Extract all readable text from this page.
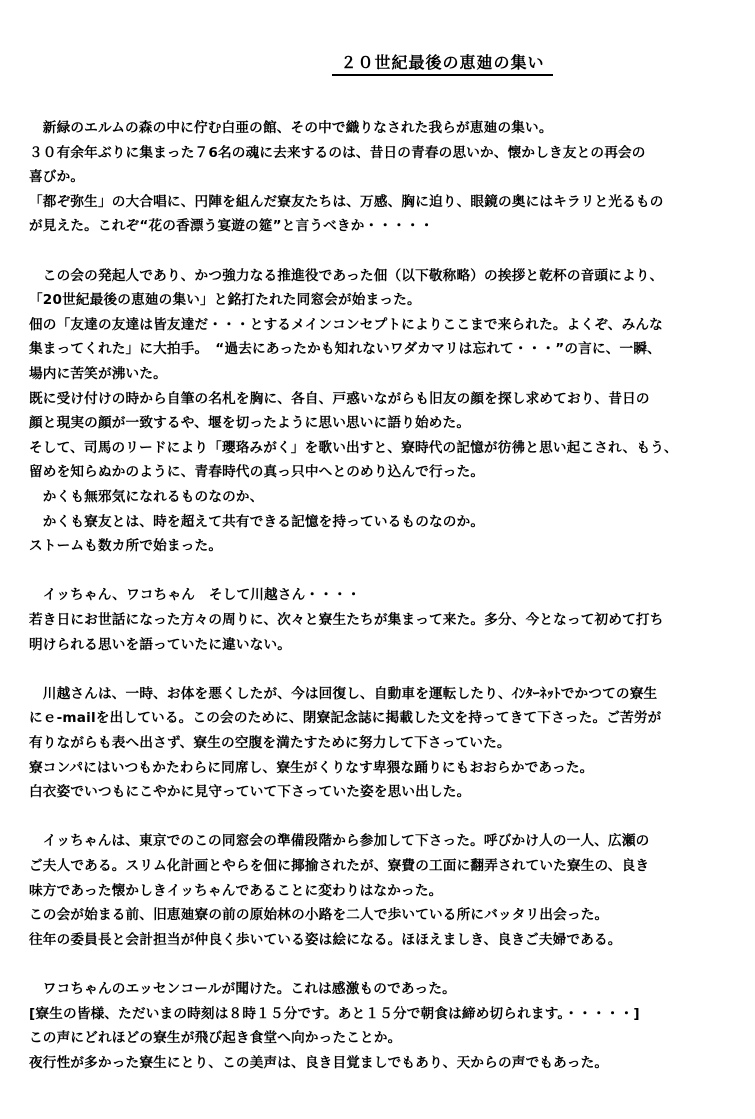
２０世紀最後の恵廸の集い

　新緑のエルムの森の中に佇む白亜の館、その中で織りなされた我らが恵廸の集い。

３０有余年ぶりに集まった７6名の魂に去来するのは、昔日の青春の思いか、懐かしき友との再会の

喜びか。

「都ぞ弥生」の大合唱に、円陣を組んだ寮友たちは、万感、胸に迫り、眼鏡の奥にはキラリと光るもの

が見えた。これぞ“花の香漂う宴遊の筵”と言うべきか・・・・・

　この会の発起人であり、かつ強力なる推進役であった佃（以下敬称略）の挨拶と乾杯の音頭により、

「20世紀最後の恵廸の集い」と銘打たれた同窓会が始まった。

佃の「友達の友達は皆友達だ・・・とするメインコンセプトによりここまで来られた。よくぞ、みんな

集まってくれた」に大拍手。　“過去にあったかも知れないワダカマリは忘れて・・・”の言に、一瞬、

場内に苦笑が沸いた。

既に受け付けの時から自筆の名札を胸に、各自、戸惑いながらも旧友の顔を探し求めており、昔日の

顔と現実の顔が一致するや、堰を切ったように思い思いに語り始めた。

そして、司馬のリードにより「瓔珞みがく」を歌い出すと、寮時代の記憶が彷彿と思い起こされ、もう、

留めを知らぬかのように、青春時代の真っ只中へとのめり込んで行った。

　かくも無邪気になれるものなのか、

　かくも寮友とは、時を超えて共有できる記憶を持っているものなのか。

ストームも数カ所で始まった。

　イッちゃん、ワコちゃん　そして川越さん・・・・

若き日にお世話になった方々の周りに、次々と寮生たちが集まって来た。多分、今となって初めて打ち

明けられる思いを語っていたに違いない。

　川越さんは、一時、お体を悪くしたが、今は回復し、自動車を運転したり、ｲﾝﾀｰﾈｯﾄでかつての寮生

にｅ-mailを出している。この会のために、閉寮記念誌に掲載した文を持ってきて下さった。ご苦労が

有りながらも表へ出さず、寮生の空腹を満たすために努力して下さっていた。

寮コンパにはいつもかたわらに同席し、寮生がくりなす卑猥な踊りにもおおらかであった。

白衣姿でいつもにこやかに見守っていて下さっていた姿を思い出した。

　イッちゃんは、東京でのこの同窓会の準備段階から参加して下さった。呼びかけ人の一人、広瀬の

ご夫人である。スリム化計画とやらを佃に揶揄されたが、寮費の工面に翻弄されていた寮生の、良き

味方であった懐かしきイッちゃんであることに変わりはなかった。

この会が始まる前、旧恵廸寮の前の原始林の小路を二人で歩いている所にバッタリ出会った。

往年の委員長と会計担当が仲良く歩いている姿は絵になる。ほほえましき、良きご夫婦である。

　ワコちゃんのエッセンコールが聞けた。これは感激ものであった。

[寮生の皆様、ただいまの時刻は８時１５分です。あと１５分で朝食は締め切られます。・・・・・]

この声にどれほどの寮生が飛び起き食堂へ向かったことか。

夜行性が多かった寮生にとり、この美声は、良き目覚ましでもあり、天からの声でもあった。
